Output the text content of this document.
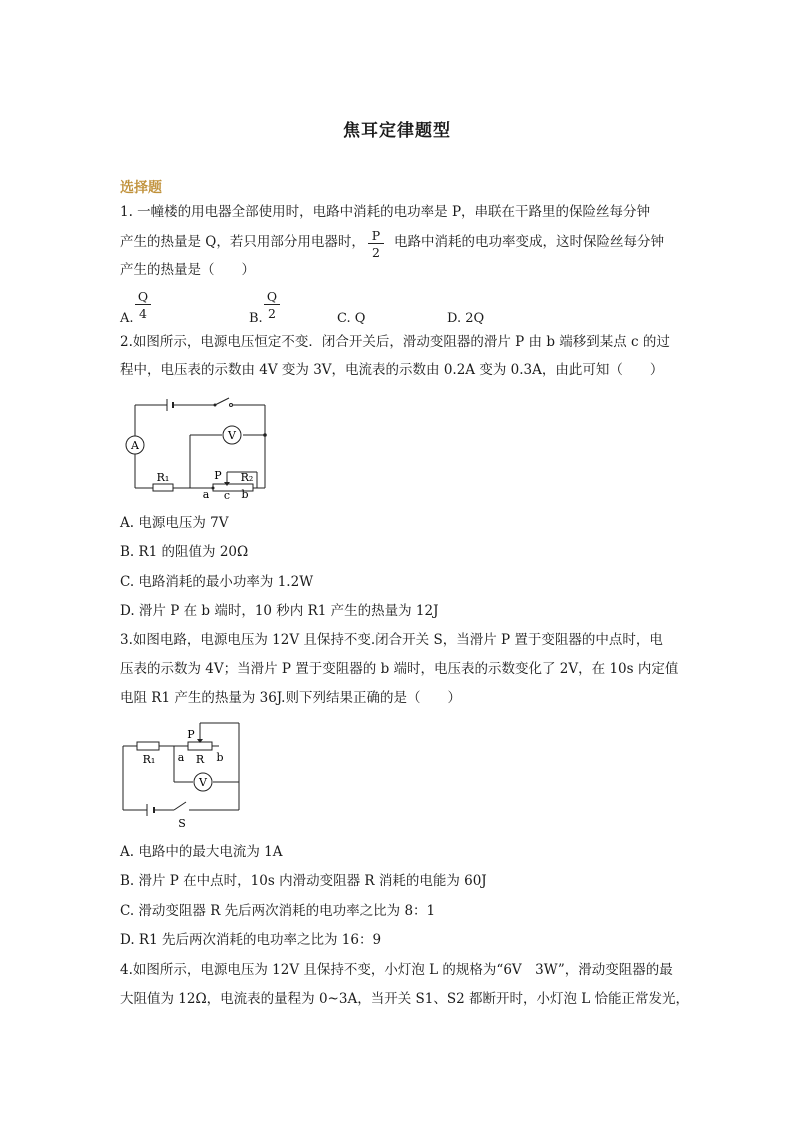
焦耳定律题型
选择题
1. 一幢楼的用电器全部使用时，电路中消耗的电功率是 P，串联在干路里的保险丝每分钟
产生的热量是 Q，若只用部分用电器时， P
2
电路中消耗的电功率变成，这时保险丝每分钟
产生的热量是（　　）
A.
Q
4	B.
Q
2	C. Q	D. 2Q
2.如图所示，电源电压恒定不变．闭合开关后，滑动变阻器的滑片 P 由 b 端移到某点 c 的过
程中，电压表的示数由 4V 变为 3V，电流表的示数由 0.2A 变为 0.3A，由此可知（　　）
A
V
R₁	P R₂
a c b
A. 电源电压为 7V
B. R1 的阻值为 20Ω
C. 电路消耗的最小功率为 1.2W
D. 滑片 P 在 b 端时，10 秒内 R1 产生的热量为 12J
3.如图电路，电源电压为 12V 且保持不变.闭合开关 S，当滑片 P 置于变阻器的中点时，电
压表的示数为 4V；当滑片 P 置于变阻器的 b 端时，电压表的示数变化了 2V，在 10s 内定值
电阻 R1 产生的热量为 36J.则下列结果正确的是（　　）
V
R₁
P
R
a	b
S
A. 电路中的最大电流为 1A
B. 滑片 P 在中点时，10s 内滑动变阻器 R 消耗的电能为 60J
C. 滑动变阻器 R 先后两次消耗的电功率之比为 8：1
D. R1 先后两次消耗的电功率之比为 16：9
4.如图所示，电源电压为 12V 且保持不变，小灯泡 L 的规格为“6V　3W”，滑动变阻器的最
大阻值为 12Ω，电流表的量程为 0~3A，当开关 S1、S2 都断开时，小灯泡 L 恰能正常发光，
